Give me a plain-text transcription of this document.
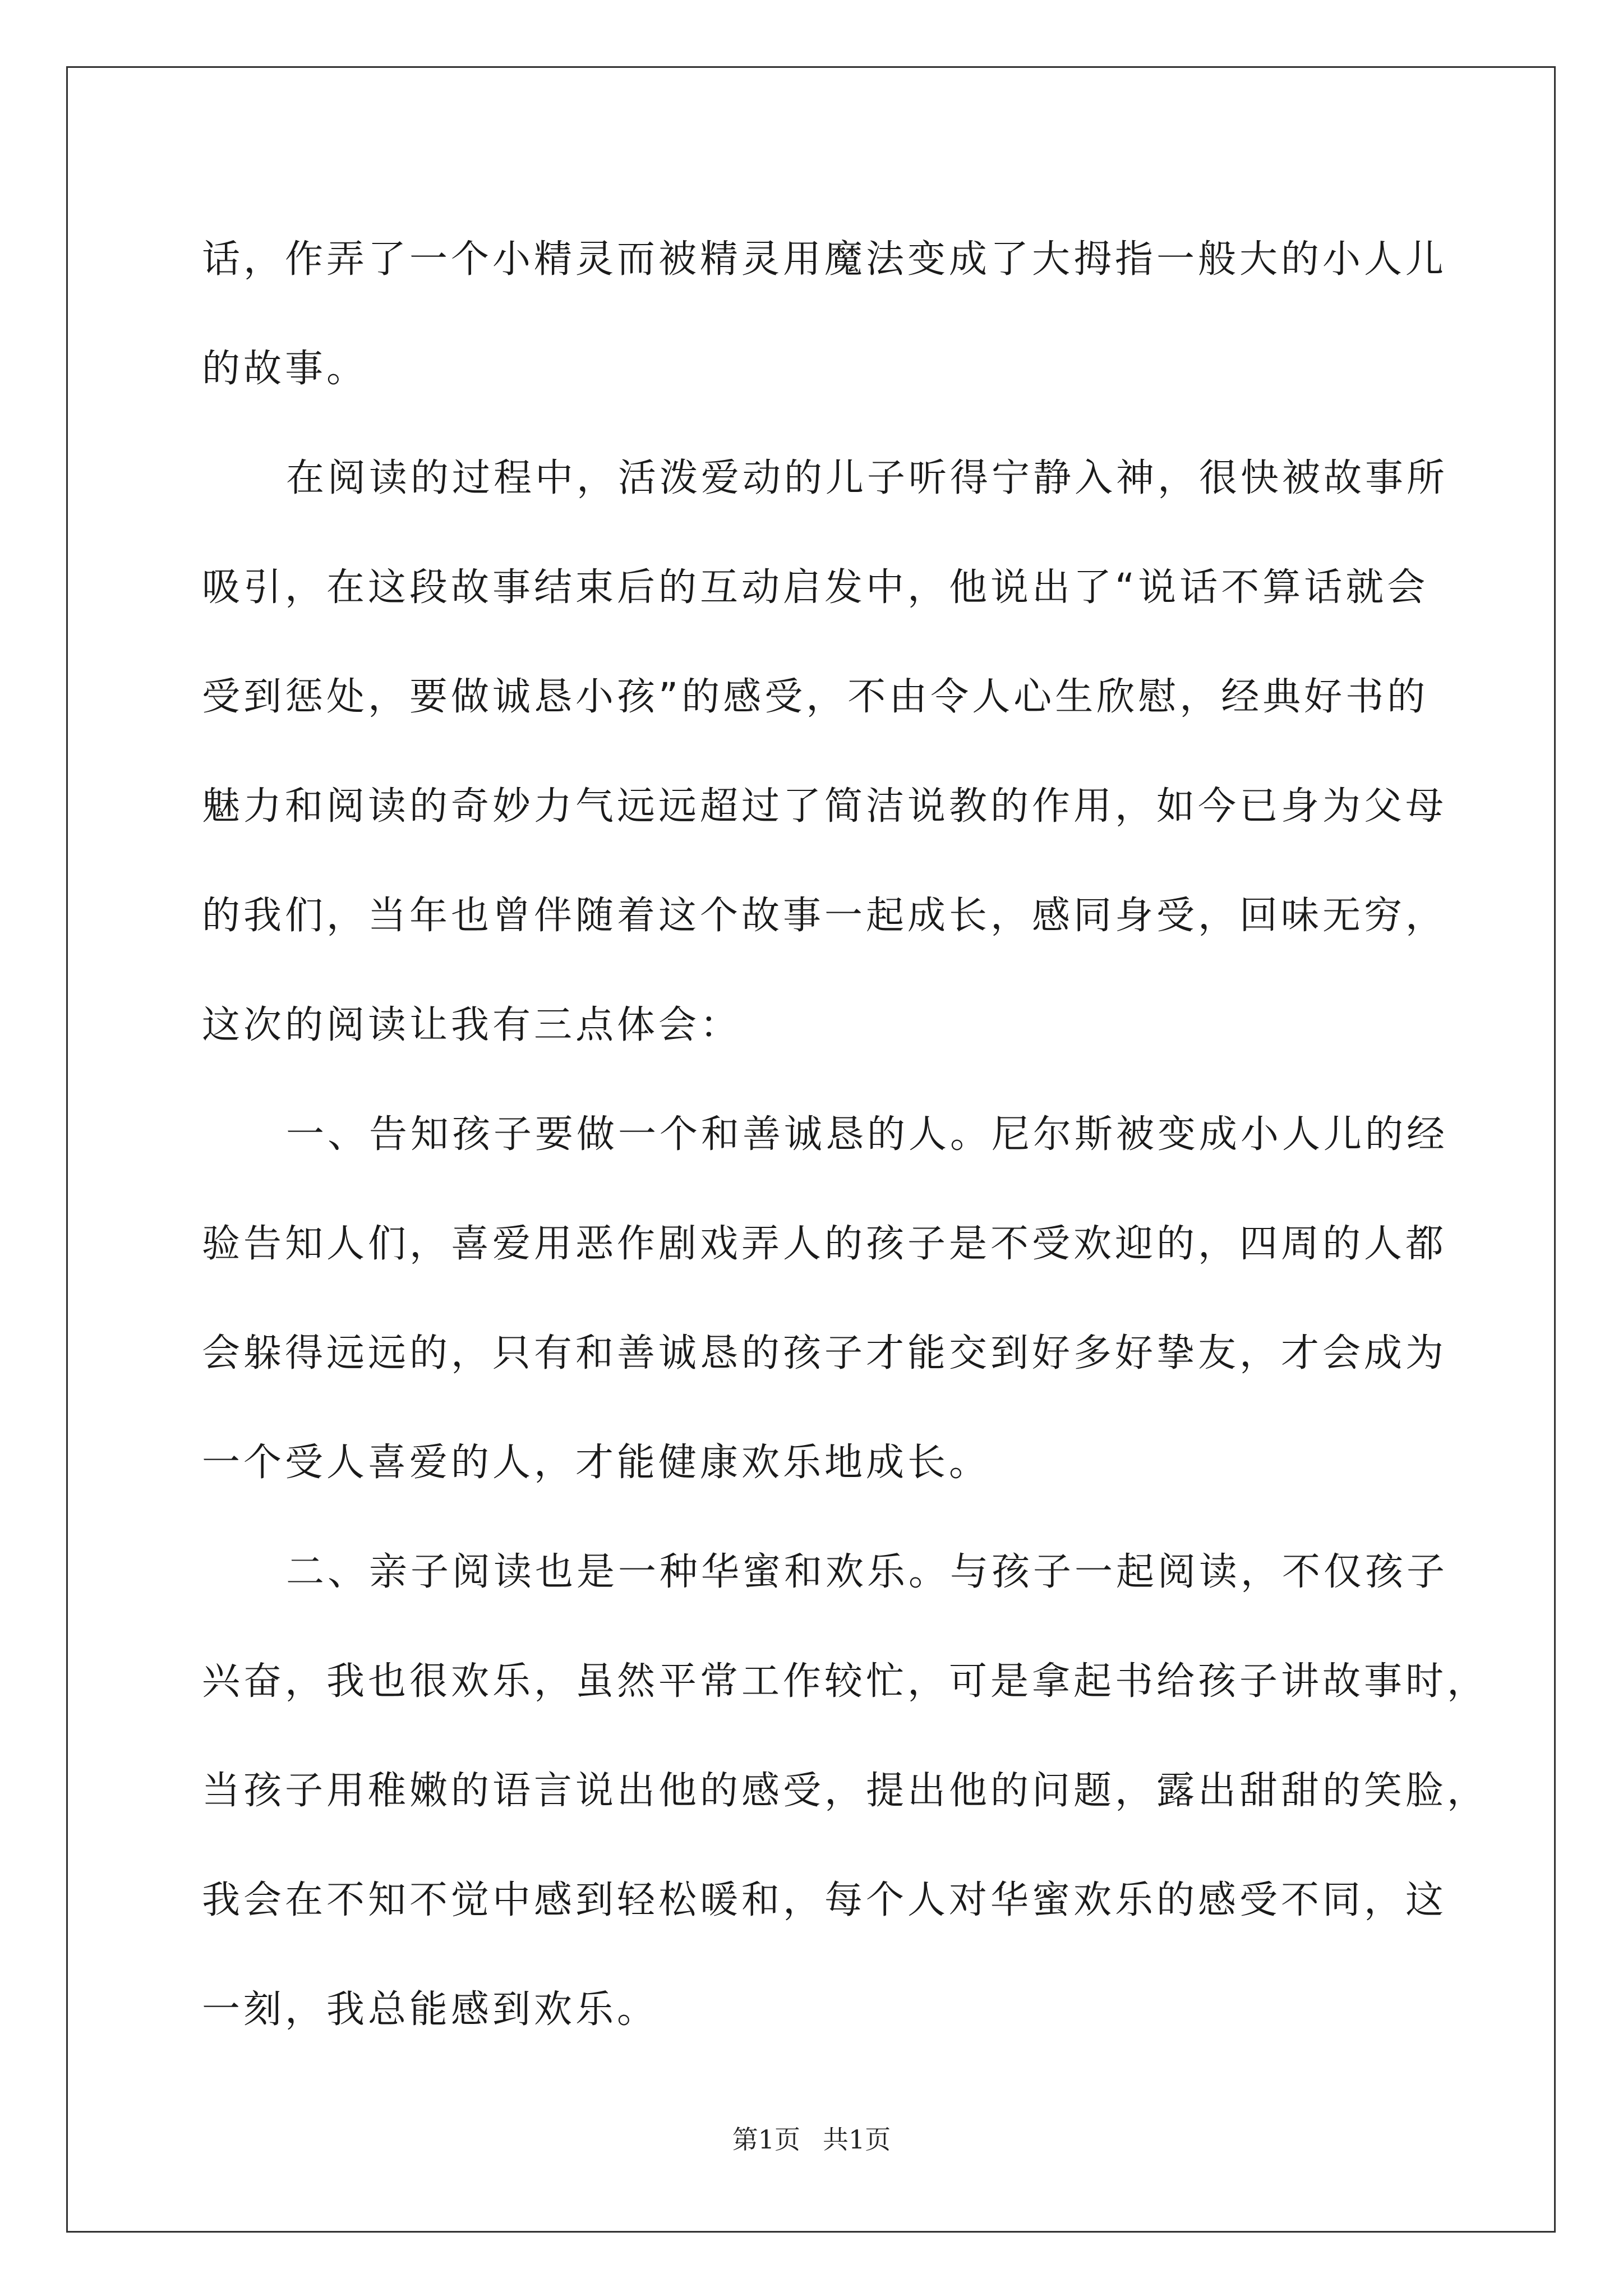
话，作弄了一个小精灵而被精灵用魔法变成了大拇指一般大的小人儿
的故事。
在阅读的过程中，活泼爱动的儿子听得宁静入神，很快被故事所
吸引，在这段故事结束后的互动启发中，他说出了“说话不算话就会
受到惩处，要做诚恳小孩”的感受，不由令人心生欣慰，经典好书的
魅力和阅读的奇妙力气远远超过了简洁说教的作用，如今已身为父母
的我们，当年也曾伴随着这个故事一起成长，感同身受，回味无穷，
这次的阅读让我有三点体会：
一、告知孩子要做一个和善诚恳的人。尼尔斯被变成小人儿的经
验告知人们，喜爱用恶作剧戏弄人的孩子是不受欢迎的，四周的人都
会躲得远远的，只有和善诚恳的孩子才能交到好多好挚友，才会成为
一个受人喜爱的人，才能健康欢乐地成长。
二、亲子阅读也是一种华蜜和欢乐。与孩子一起阅读，不仅孩子
兴奋，我也很欢乐，虽然平常工作较忙，可是拿起书给孩子讲故事时，
当孩子用稚嫩的语言说出他的感受，提出他的问题，露出甜甜的笑脸，
我会在不知不觉中感到轻松暖和，每个人对华蜜欢乐的感受不同，这
一刻，我总能感到欢乐。
第1页 共1页
